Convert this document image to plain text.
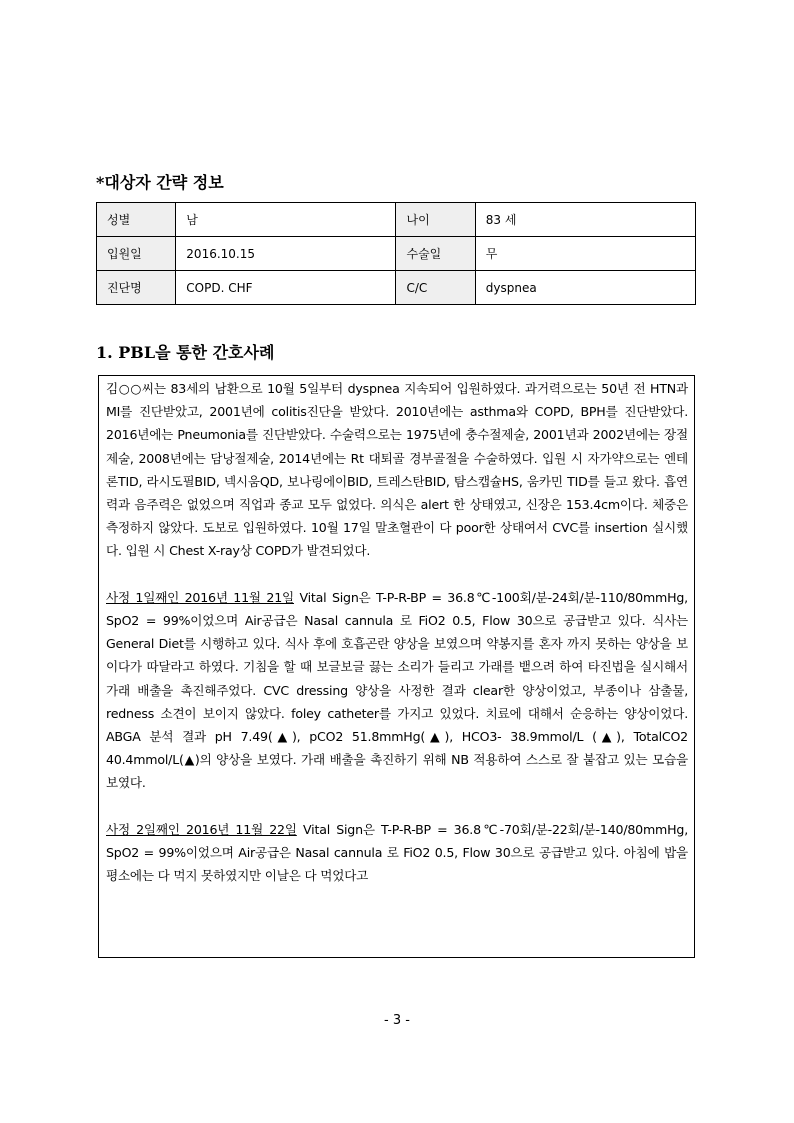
*대상자 간략 정보
성별	남	나이	83 세
입원일	2016.10.15	수술일	무
진단명	COPD. CHF	C/C	dyspnea
1. PBL을 통한 간호사례

김○○씨는 83세의 남환으로 10월 5일부터 dyspnea 지속되어 입원하였다. 과거력으로는 50년 전 HTN과 MI를 진단받았고, 2001년에 colitis진단을 받았다. 2010년에는 asthma와 COPD, BPH를 진단받았다. 2016년에는 Pneumonia를 진단받았다. 수술력으로는 1975년에 충수절제술, 2001년과 2002년에는 장절제술, 2008년에는 담낭절제술, 2014년에는 Rt 대퇴골 경부골절을 수술하였다. 입원 시 자가약으로는 엔테론TID, 라시도필BID, 넥시움QD, 보나링에이BID, 트레스탄BID, 탐스캡슐HS, 움카민 TID를 들고 왔다. 흡연력과 음주력은 없었으며 직업과 종교 모두 없었다. 의식은 alert 한 상태였고, 신장은 153.4cm이다. 체중은 측정하지 않았다. 도보로 입원하였다. 10월 17일 말초혈관이 다 poor한 상태여서 CVC를 insertion 실시했다. 입원 시 Chest X-ray상 COPD가 발견되었다.

사정 1일째인 2016년 11월 21일 Vital Sign은 T-P-R-BP = 36.8℃-100회/분-24회/분-110/80mmHg, SpO2 = 99%이었으며 Air공급은 Nasal cannula 로 FiO2 0.5, Flow 30으로 공급받고 있다. 식사는 General Diet를 시행하고 있다. 식사 후에 호흡곤란 양상을 보였으며 약봉지를 혼자 까지 못하는 양상을 보이다가 따달라고 하였다. 기침을 할 때 보글보글 끓는 소리가 들리고 가래를 뱉으려 하여 타진법을 실시해서 가래 배출을 촉진해주었다. CVC dressing 양상을 사정한 결과 clear한 양상이었고, 부종이나 삼출물, redness 소견이 보이지 않았다. foley catheter를 가지고 있었다. 치료에 대해서 순응하는 양상이었다. ABGA 분석 결과 pH 7.49(▲), pCO2 51.8mmHg(▲), HCO3- 38.9mmol/L (▲), TotalCO2 40.4mmol/L(▲)의 양상을 보였다. 가래 배출을 촉진하기 위해 NB 적용하여 스스로 잘 붙잡고 있는 모습을 보였다.

사정 2일째인 2016년 11월 22일 Vital Sign은 T-P-R-BP = 36.8℃-70회/분-22회/분-140/80mmHg, SpO2 = 99%이었으며 Air공급은 Nasal cannula 로 FiO2 0.5, Flow 30으로 공급받고 있다. 아침에 밥을 평소에는 다 먹지 못하였지만 이날은 다 먹었다고

- 3 -
